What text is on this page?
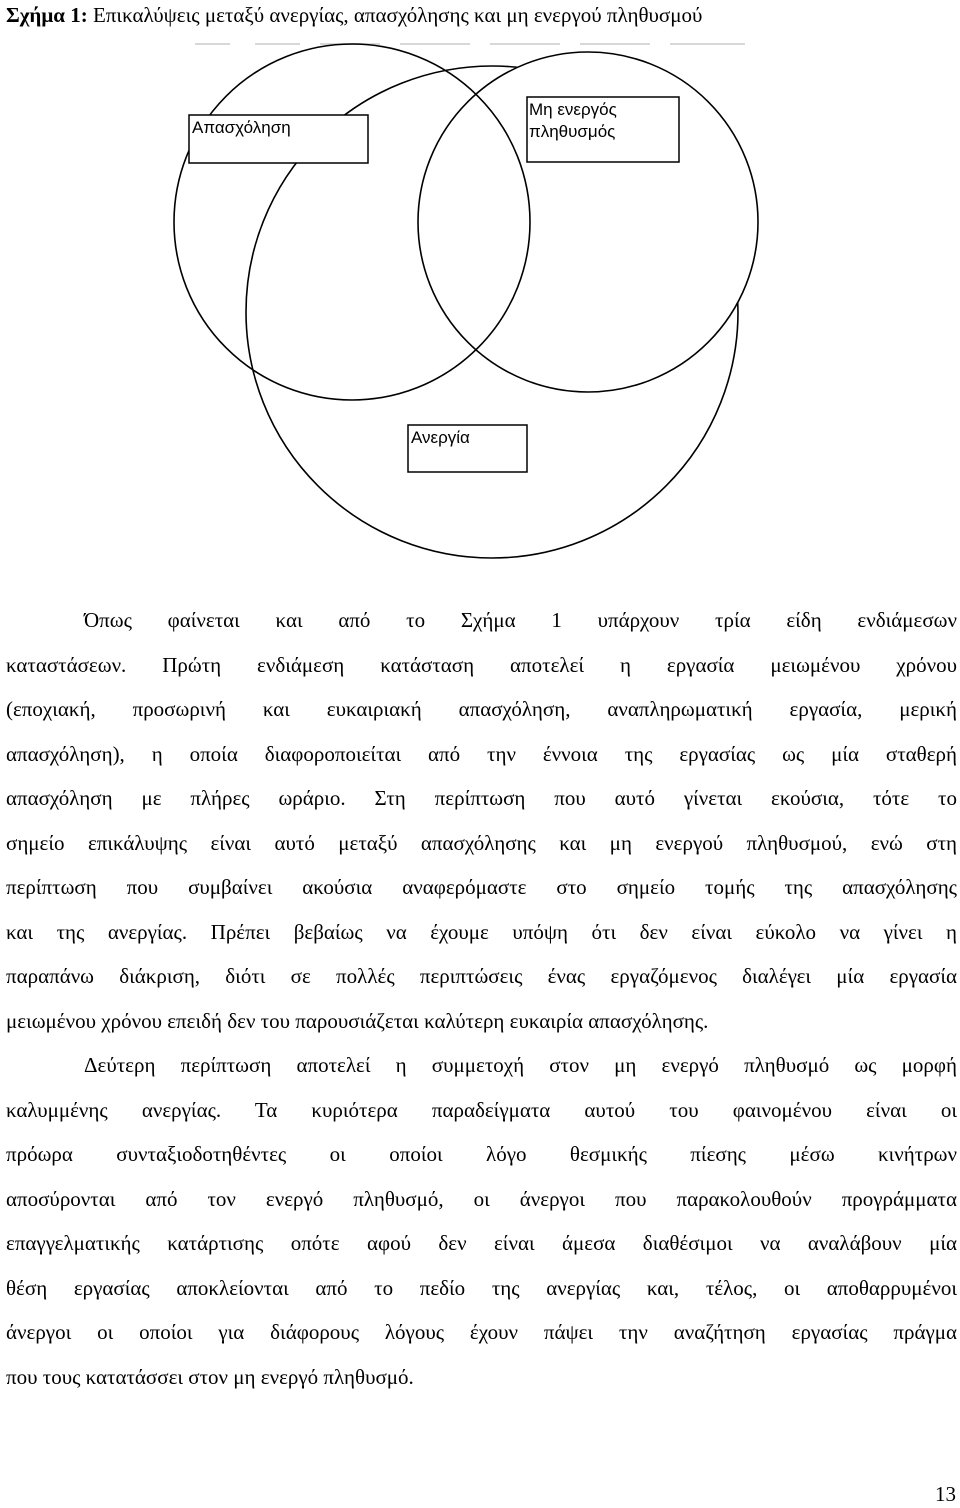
Σχήμα 1: Επικαλύψεις μεταξύ ανεργίας, απασχόλησης και μη ενεργού πληθυσμού
Απασχόληση
Μη ενεργός
πληθυσμός
Ανεργία

Όπως φαίνεται και από το Σχήμα 1 υπάρχουν τρία είδη ενδιάμεσων
καταστάσεων. Πρώτη ενδιάμεση κατάσταση αποτελεί η εργασία μειωμένου χρόνου
(εποχιακή, προσωρινή και ευκαιριακή απασχόληση, αναπληρωματική εργασία, μερική
απασχόληση), η οποία διαφοροποιείται από την έννοια της εργασίας ως μία σταθερή
απασχόληση με πλήρες ωράριο. Στη περίπτωση που αυτό γίνεται εκούσια, τότε το
σημείο επικάλυψης είναι αυτό μεταξύ απασχόλησης και μη ενεργού πληθυσμού, ενώ στη
περίπτωση που συμβαίνει ακούσια αναφερόμαστε στο σημείο τομής της απασχόλησης
και της ανεργίας. Πρέπει βεβαίως να έχουμε υπόψη ότι δεν είναι εύκολο να γίνει η
παραπάνω διάκριση, διότι σε πολλές περιπτώσεις ένας εργαζόμενος διαλέγει μία εργασία
μειωμένου χρόνου επειδή δεν του παρουσιάζεται καλύτερη ευκαιρία απασχόλησης.

Δεύτερη περίπτωση αποτελεί η συμμετοχή στον μη ενεργό πληθυσμό ως μορφή
καλυμμένης ανεργίας. Τα κυριότερα παραδείγματα αυτού του φαινομένου είναι οι
πρόωρα συνταξιοδοτηθέντες οι οποίοι λόγο θεσμικής πίεσης μέσω κινήτρων
αποσύρονται από τον ενεργό πληθυσμό, οι άνεργοι που παρακολουθούν προγράμματα
επαγγελματικής κατάρτισης οπότε αφού δεν είναι άμεσα διαθέσιμοι να αναλάβουν μία
θέση εργασίας αποκλείονται από το πεδίο της ανεργίας και, τέλος, οι αποθαρρυμένοι
άνεργοι οι οποίοι για διάφορους λόγους έχουν πάψει την αναζήτηση εργασίας πράγμα
που τους κατατάσσει στον μη ενεργό πληθυσμό.

13
